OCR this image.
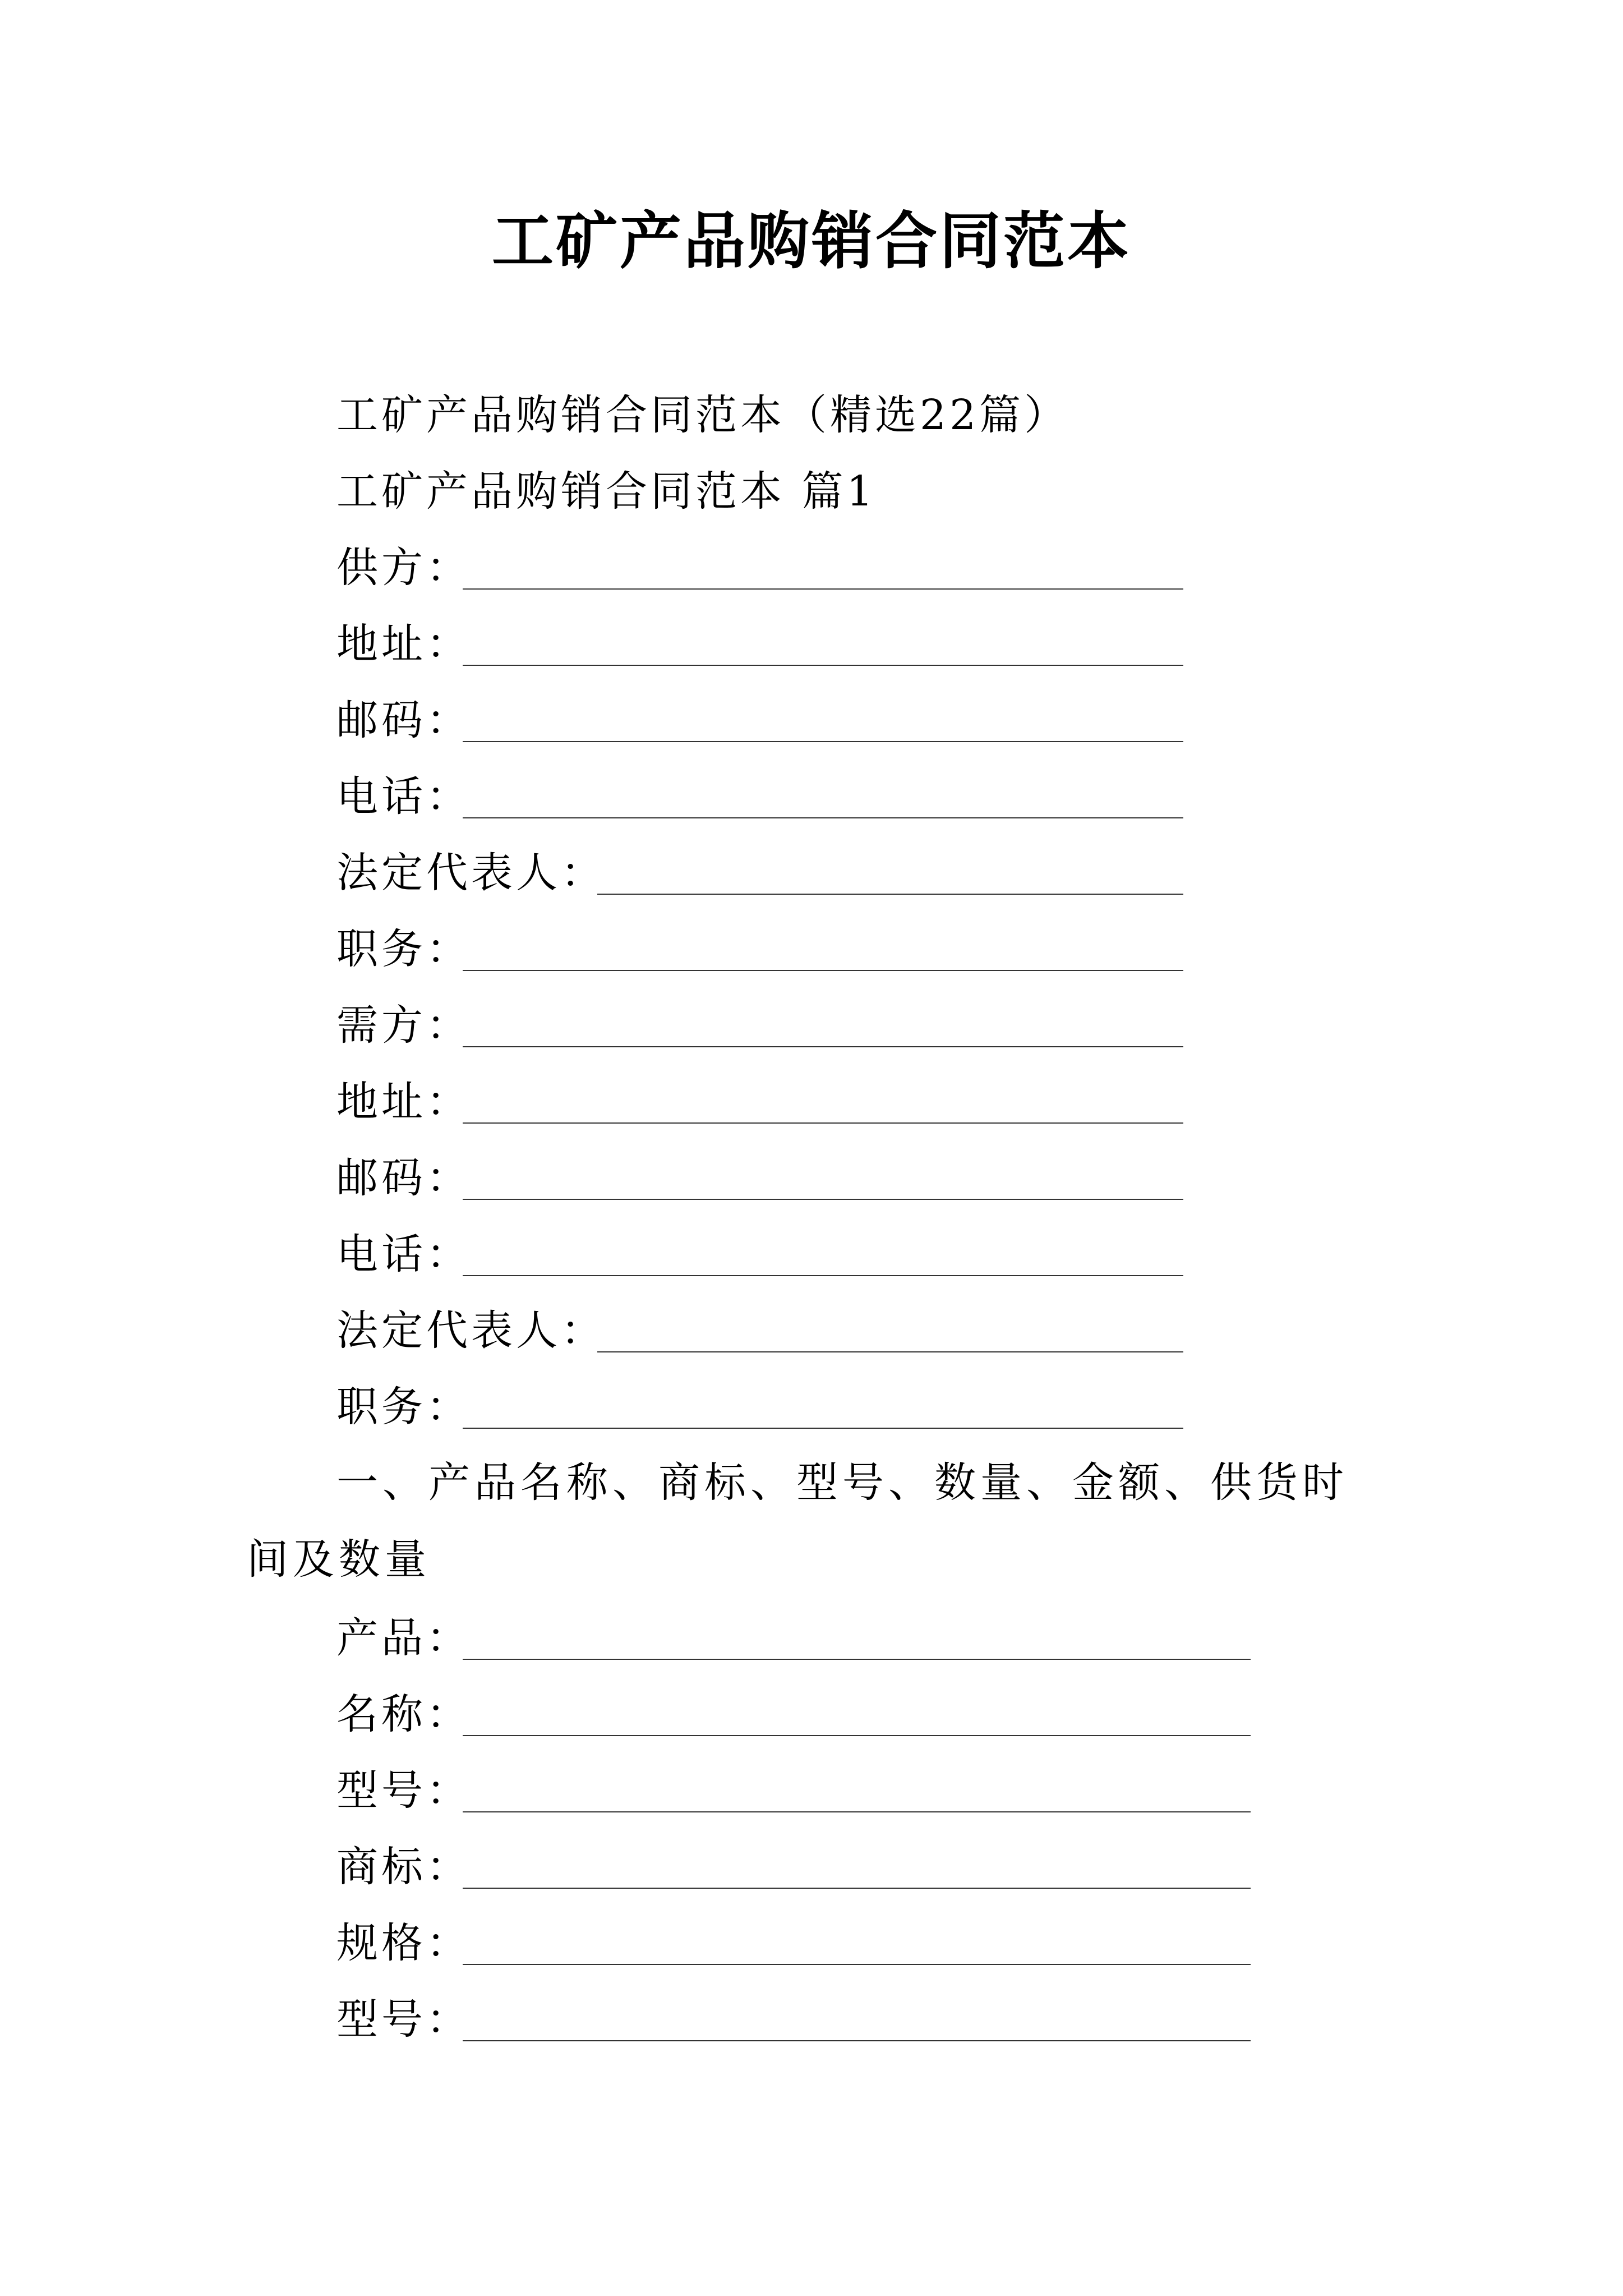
工矿产品购销合同范本
工矿产品购销合同范本（精选22篇）
工矿产品购销合同范本 篇1
供方：
地址：
邮码：
电话：
法定代表人：
职务：
需方：
地址：
邮码：
电话：
法定代表人：
职务：
一、产品名称、商标、型号、数量、金额、供货时间及数量
产品：
名称：
型号：
商标：
规格：
型号：
